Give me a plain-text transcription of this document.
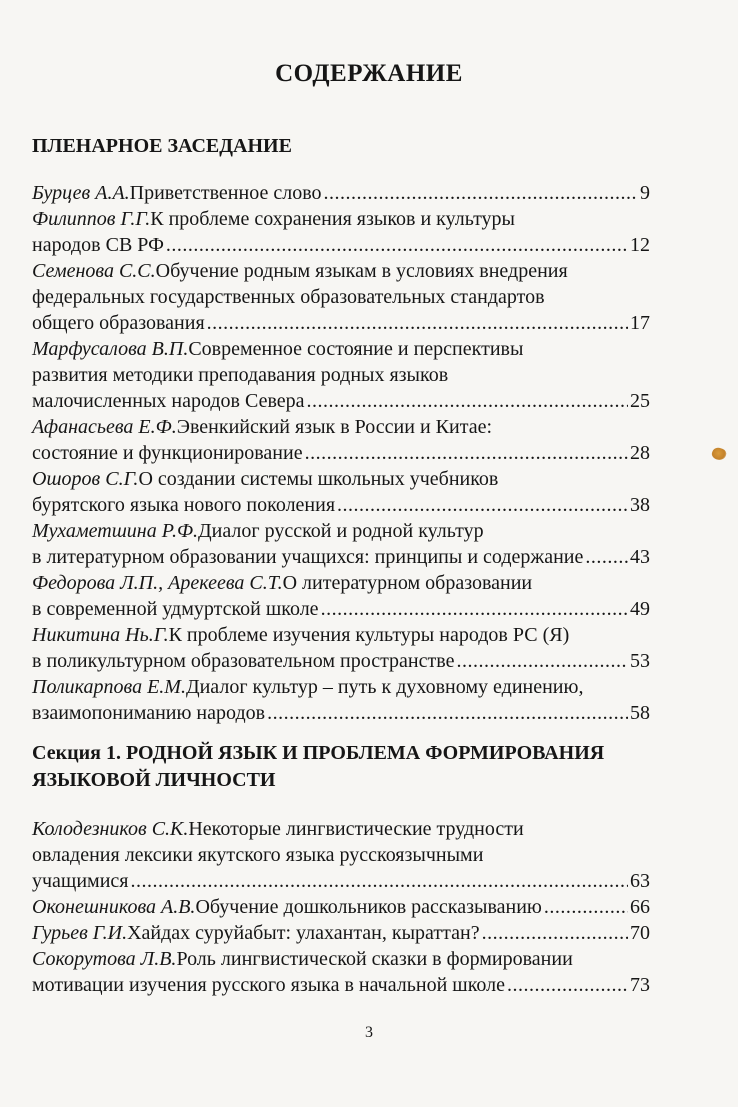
СОДЕРЖАНИЕ
ПЛЕНАРНОЕ ЗАСЕДАНИЕ
Бурцев А.А. Приветственное слово .....	9
Филиппов Г.Г. К проблеме сохранения языков и культуры
народов СВ РФ .....	12
Семенова С.С. Обучение родным языкам в условиях внедрения
федеральных государственных образовательных стандартов
общего образования .....	17
Марфусалова В.П. Современное состояние и перспективы
развития методики преподавания родных языков
малочисленных народов Севера .....	25
Афанасьева Е.Ф. Эвенкийский язык в России и Китае:
состояние и функционирование .....	28
Ошоров С.Г. О создании системы школьных учебников
бурятского языка нового поколения .....	38
Мухаметшина Р.Ф. Диалог русской и родной культур
в литературном образовании учащихся: принципы и содержание ..... 43
Федорова Л.П., Арекеева С.Т. О литературном образовании
в современной удмуртской школе .....	49
Никитина Нь.Г. К проблеме изучения культуры народов РС (Я)
в поликультурном образовательном пространстве .....	53
Поликарпова Е.М. Диалог культур – путь к духовному единению,
взаимопониманию народов .....	58
Секция 1. РОДНОЙ ЯЗЫК И ПРОБЛЕМА ФОРМИРОВАНИЯ
ЯЗЫКОВОЙ ЛИЧНОСТИ
Колодезников С.К. Некоторые лингвистические трудности
овладения лексики якутского языка русскоязычными
учащимися .....	63
Оконешникова А.В. Обучение дошкольников рассказыванию .....	66
Гурьев Г.И. Хайдах суруйабыт: улахантан, кыраттан? .....	70
Сокорутова Л.В. Роль лингвистической сказки в формировании
мотивации изучения русского языка в начальной школе .....	73
3
